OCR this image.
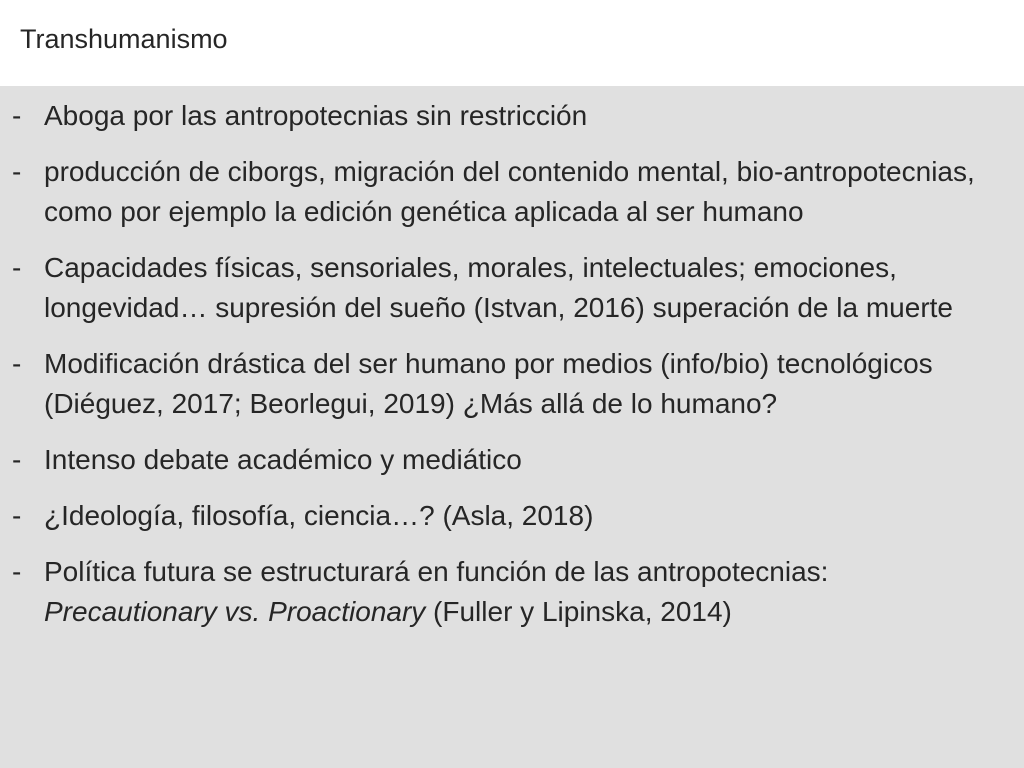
Transhumanismo
- Aboga por las antropotecnias sin restricción
- producción de ciborgs, migración del contenido mental, bio-antropotecnias, como por ejemplo la edición genética aplicada al ser humano
- Capacidades físicas, sensoriales, morales, intelectuales; emociones, longevidad… supresión del sueño (Istvan, 2016) superación de la muerte
- Modificación drástica del ser humano por medios (info/bio) tecnológicos (Diéguez, 2017; Beorlegui, 2019) ¿Más allá de lo humano?
- Intenso debate académico y mediático
- ¿Ideología, filosofía, ciencia…? (Asla, 2018)
- Política futura se estructurará en función de las antropotecnias:
Precautionary vs. Proactionary (Fuller y Lipinska, 2014)
